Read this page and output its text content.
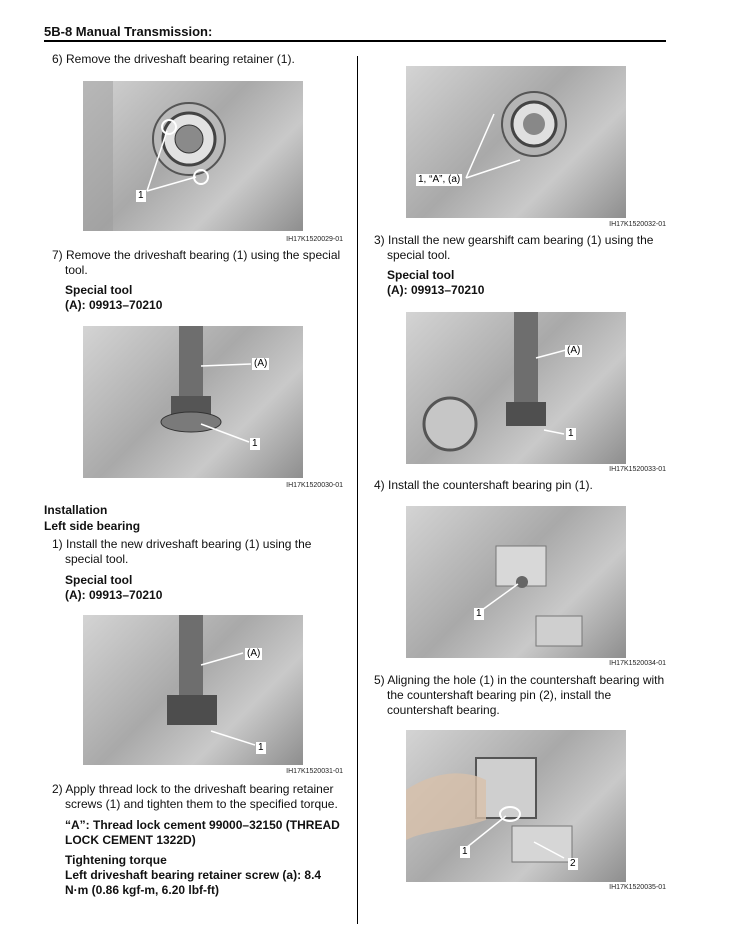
5B-8 Manual Transmission:
6) Remove the driveshaft bearing retainer (1).
1
IH17K1520029-01
7) Remove the driveshaft bearing (1) using the special
tool.
Special tool
(A): 09913–70210
(A)
1
IH17K1520030-01
Installation
Left side bearing
1) Install the new driveshaft bearing (1) using the
special tool.
Special tool
(A): 09913–70210
(A)
1
IH17K1520031-01
2) Apply thread lock to the driveshaft bearing retainer
screws (1) and tighten them to the specified torque.
“A”: Thread lock cement 99000–32150 (THREAD
LOCK CEMENT 1322D)
Tightening torque
Left driveshaft bearing retainer screw (a): 8.4
N·m (0.86 kgf-m, 6.20 lbf-ft)
1, “A”, (a)
IH17K1520032-01
3) Install the new gearshift cam bearing (1) using the
special tool.
Special tool
(A): 09913–70210
(A)
1
IH17K1520033-01
4) Install the countershaft bearing pin (1).
1
IH17K1520034-01
5) Aligning the hole (1) in the countershaft bearing with
the countershaft bearing pin (2), install the
countershaft bearing.
1
2
IH17K1520035-01
